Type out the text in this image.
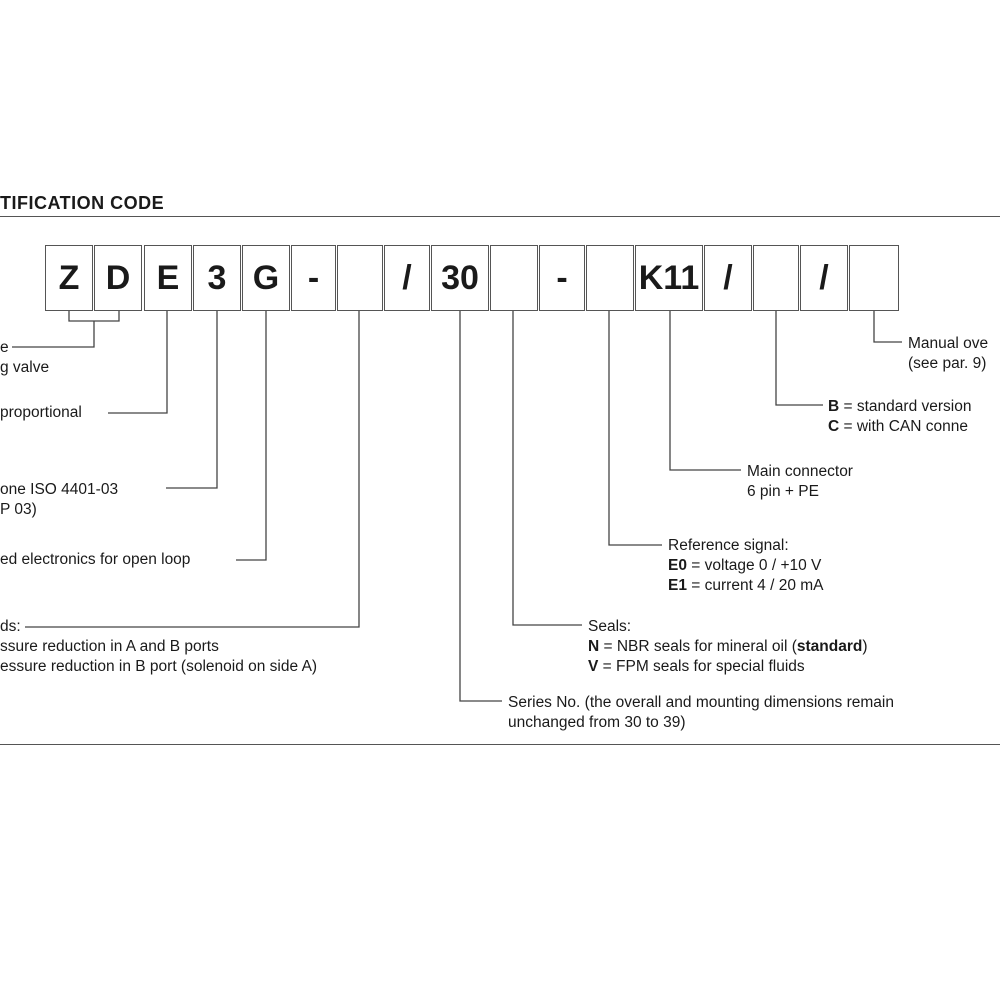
TIFICATION CODE
Z D E 3 G -	/ 30	-	K11 /	/
e
g valve
proportional
one ISO 4401-03
P 03)
ed electronics for open loop
ds:
ssure reduction in A and B ports
essure reduction in B port (solenoid on side A)
Series No. (the overall and mounting dimensions remain
unchanged from 30 to 39)
Seals:
N = NBR seals for mineral oil (standard)
V = FPM seals for special fluids
Reference signal:
E0 = voltage 0 / +10 V
E1 = current 4 / 20 mA
Main connector
6 pin + PE
B = standard version
C = with CAN conne
Manual ove
(see par. 9)
